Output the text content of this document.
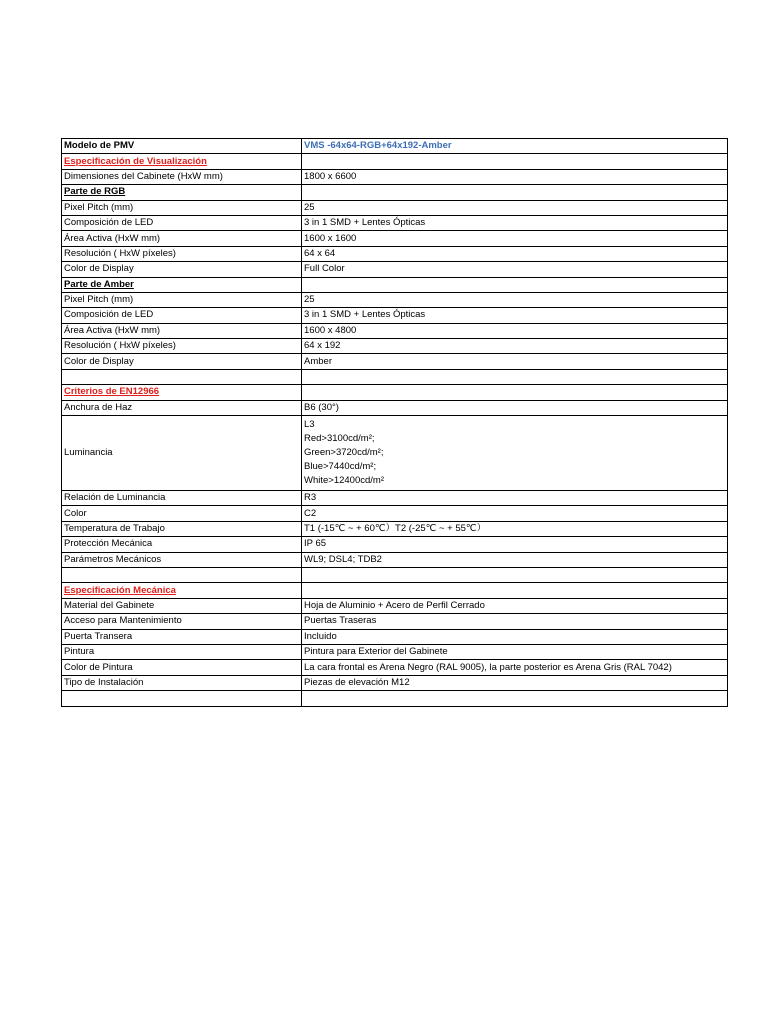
Modelo de PMV	VMS -64x64-RGB+64x192-Amber
Especificación de Visualización	
Dimensiones del Cabinete (HxW mm)	1800 x 6600
Parte de RGB	
Pixel Pitch (mm)	25
Composición de LED	3 in 1 SMD + Lentes Ópticas
Área Activa (HxW mm)	1600 x 1600
Resolución ( HxW píxeles)	64 x 64
Color de Display	Full Color
Parte de Amber	
Pixel Pitch (mm)	25
Composición de LED	3 in 1 SMD + Lentes Ópticas
Área Activa (HxW mm)	1600 x 4800
Resolución ( HxW píxeles)	64 x 192
Color de Display	Amber

Criterios de EN12966	
Anchura de Haz	B6 (30°)
Luminancia	L3
Red>3100cd/m²;
Green>3720cd/m²;
Blue>7440cd/m²;
White>12400cd/m²

Relación de Luminancia	R3
Color	C2
Temperatura de Trabajo	T1 (-15℃ ~ + 60℃）T2 (-25℃ ~ + 55℃）
Protección Mecánica	IP 65
Parámetros Mecánicos	WL9; DSL4; TDB2

Especificación Mecánica	
Material del Gabinete	Hoja de Aluminio + Acero de Perfil Cerrado
Acceso para Mantenimiento	Puertas Traseras
Puerta Transera	Incluido
Pintura	Pintura para Exterior del Gabinete
Color de Pintura	La cara frontal es Arena Negro (RAL 9005), la parte posterior es Arena Gris (RAL 7042)
Tipo de Instalación	Piezas de elevación M12
